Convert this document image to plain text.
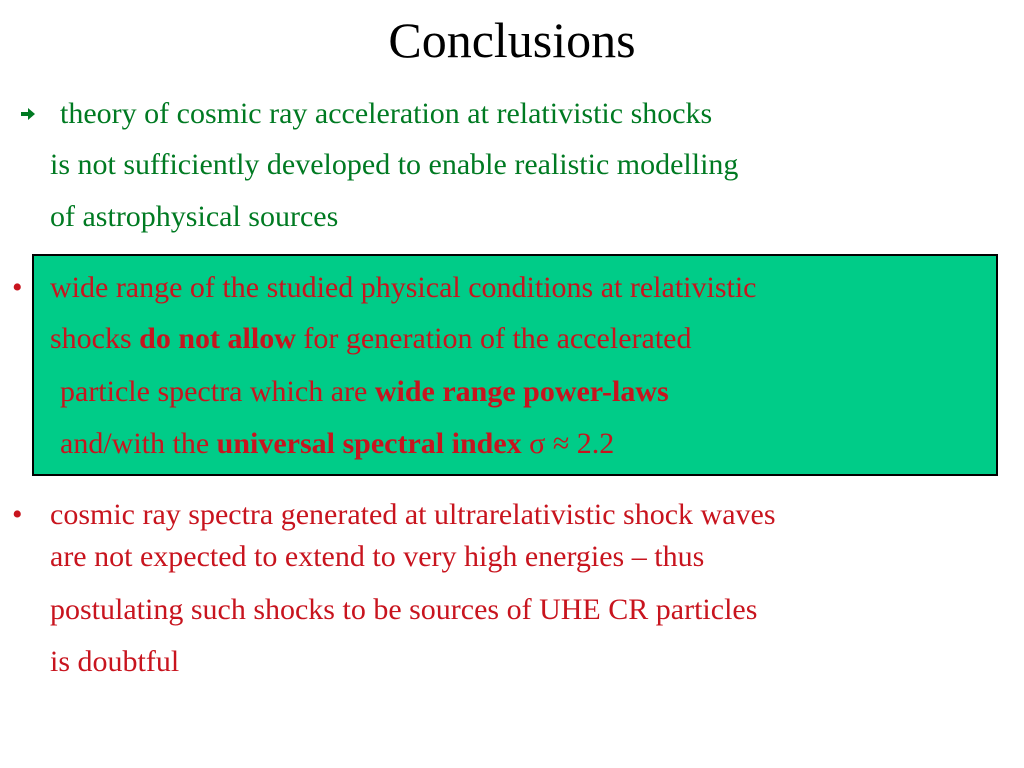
Conclusions
theory of cosmic ray acceleration at relativistic shocks
is not sufficiently developed to enable realistic modelling
of astrophysical sources
• wide range of the studied physical conditions at relativistic
shocks do not allow for generation of the accelerated
particle spectra which are wide range power-laws
and/with the universal spectral index σ ≈ 2.2
• cosmic ray spectra generated at ultrarelativistic shock waves
are not expected to extend to very high energies – thus
postulating such shocks to be sources of UHE CR particles
is doubtful
